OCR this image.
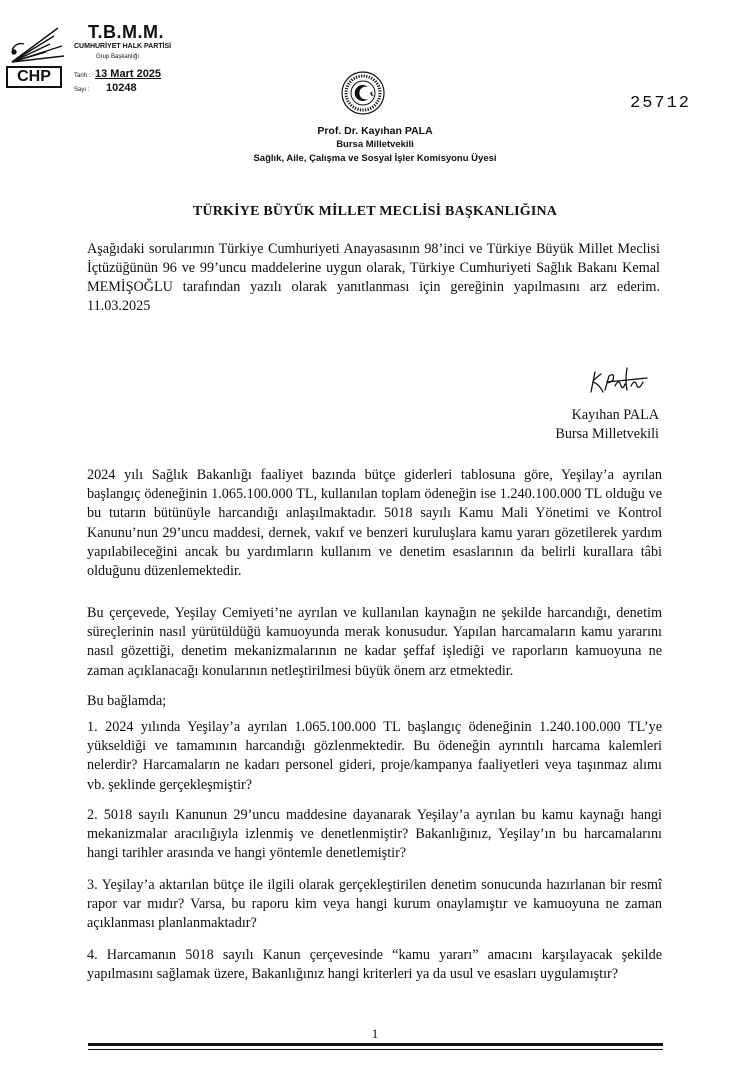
CHP
T.B.M.M.
CUMHURİYET HALK PARTİSİ
Grup Başkanlığı
Tarih : 13 Mart 2025
Sayı : 10248
25712
Prof. Dr. Kayıhan PALA
Bursa Milletvekili
Sağlık, Aile, Çalışma ve Sosyal İşler Komisyonu Üyesi
TÜRKİYE BÜYÜK MİLLET MECLİSİ BAŞKANLIĞINA
Aşağıdaki sorularımın Türkiye Cumhuriyeti Anayasasının 98’inci ve Türkiye Büyük Millet Meclisi İçtüzüğünün 96 ve 99’uncu maddelerine uygun olarak, Türkiye Cumhuriyeti Sağlık Bakanı Kemal MEMİŞOĞLU tarafından yazılı olarak yanıtlanması için gereğinin yapılmasını arz ederim. 11.03.2025
Kayıhan PALA
Bursa Milletvekili

2024 yılı Sağlık Bakanlığı faaliyet bazında bütçe giderleri tablosuna göre, Yeşilay’a ayrılan başlangıç ödeneğinin 1.065.100.000 TL, kullanılan toplam ödeneğin ise 1.240.100.000 TL olduğu ve bu tutarın bütünüyle harcandığı anlaşılmaktadır. 5018 sayılı Kamu Mali Yönetimi ve Kontrol Kanunu’nun 29’uncu maddesi, dernek, vakıf ve benzeri kuruluşlara kamu yararı gözetilerek yardım yapılabileceğini ancak bu yardımların kullanım ve denetim esaslarının da belirli kurallara tâbi olduğunu düzenlemektedir.

Bu çerçevede, Yeşilay Cemiyeti’ne ayrılan ve kullanılan kaynağın ne şekilde harcandığı, denetim süreçlerinin nasıl yürütüldüğü kamuoyunda merak konusudur. Yapılan harcamaların kamu yararını nasıl gözettiği, denetim mekanizmalarının ne kadar şeffaf işlediği ve raporların kamuoyuna ne zaman açıklanacağı konularının netleştirilmesi büyük önem arz etmektedir.

Bu bağlamda;

1. 2024 yılında Yeşilay’a ayrılan 1.065.100.000 TL başlangıç ödeneğinin 1.240.100.000 TL’ye yükseldiği ve tamamının harcandığı gözlenmektedir. Bu ödeneğin ayrıntılı harcama kalemleri nelerdir? Harcamaların ne kadarı personel gideri, proje/kampanya faaliyetleri veya taşınmaz alımı vb. şeklinde gerçekleşmiştir?

2. 5018 sayılı Kanunun 29’uncu maddesine dayanarak Yeşilay’a ayrılan bu kamu kaynağı hangi mekanizmalar aracılığıyla izlenmiş ve denetlenmiştir? Bakanlığınız, Yeşilay’ın bu harcamalarını hangi tarihler arasında ve hangi yöntemle denetlemiştir?

3. Yeşilay’a aktarılan bütçe ile ilgili olarak gerçekleştirilen denetim sonucunda hazırlanan bir resmî rapor var mıdır? Varsa, bu raporu kim veya hangi kurum onaylamıştır ve kamuoyuna ne zaman açıklanması planlanmaktadır?

4. Harcamanın 5018 sayılı Kanun çerçevesinde “kamu yararı” amacını karşılayacak şekilde yapılmasını sağlamak üzere, Bakanlığınız hangi kriterleri ya da usul ve esasları uygulamıştır?

1
